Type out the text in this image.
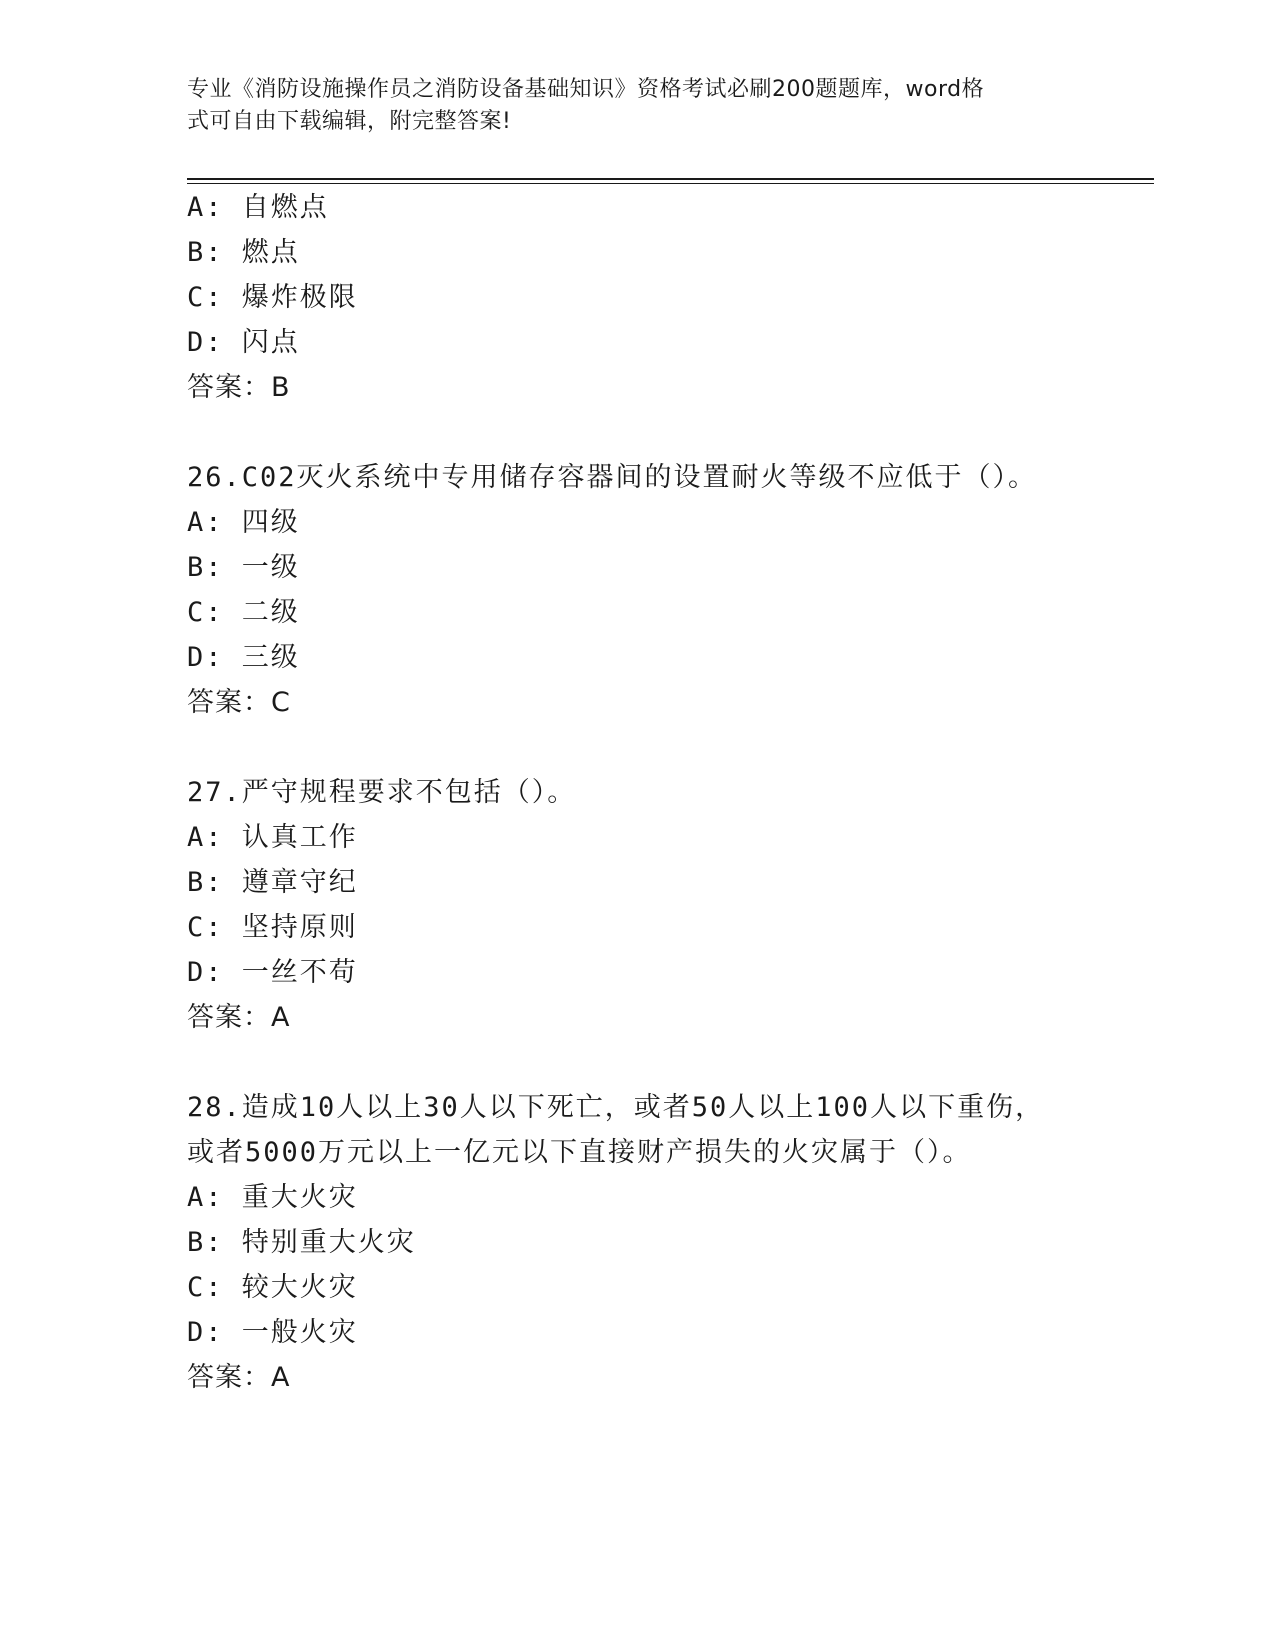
专业《消防设施操作员之消防设备基础知识》资格考试必刷200题题库，word格
式可自由下载编辑，附完整答案!
A: 自燃点
B: 燃点
C: 爆炸极限
D: 闪点
答案：B
26.C02灭火系统中专用储存容器间的设置耐火等级不应低于（）。
A: 四级
B: 一级
C: 二级
D: 三级
答案：C
27.严守规程要求不包括（）。
A: 认真工作
B: 遵章守纪
C: 坚持原则
D: 一丝不苟
答案：A
28.造成10人以上30人以下死亡，或者50人以上100人以下重伤，
或者5000万元以上一亿元以下直接财产损失的火灾属于（）。
A: 重大火灾
B: 特别重大火灾
C: 较大火灾
D: 一般火灾
答案：A
